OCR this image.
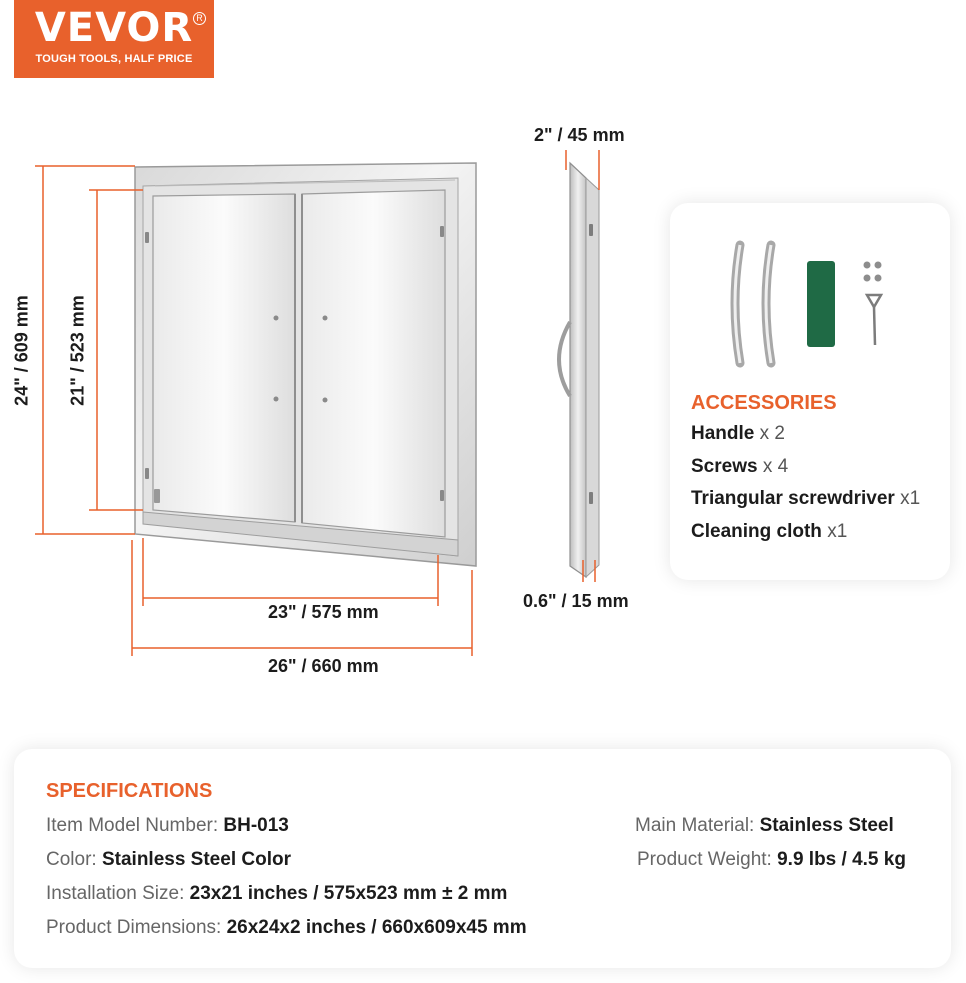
VEVOR R
TOUGH TOOLS, HALF PRICE
24" / 609 mm 21" / 523 mm
23" / 575 mm
26" / 660 mm
2" / 45 mm
0.6" / 15 mm
ACCESSORIES
Handle x 2
Screws x 4
Triangular screwdriver x1
Cleaning cloth x1
SPECIFICATIONS
Item Model Number: BH-013
Color: Stainless Steel Color
Installation Size: 23x21 inches / 575x523 mm ± 2 mm
Product Dimensions: 26x24x2 inches / 660x609x45 mm
Main Material: Stainless Steel
Product Weight: 9.9 lbs / 4.5 kg
